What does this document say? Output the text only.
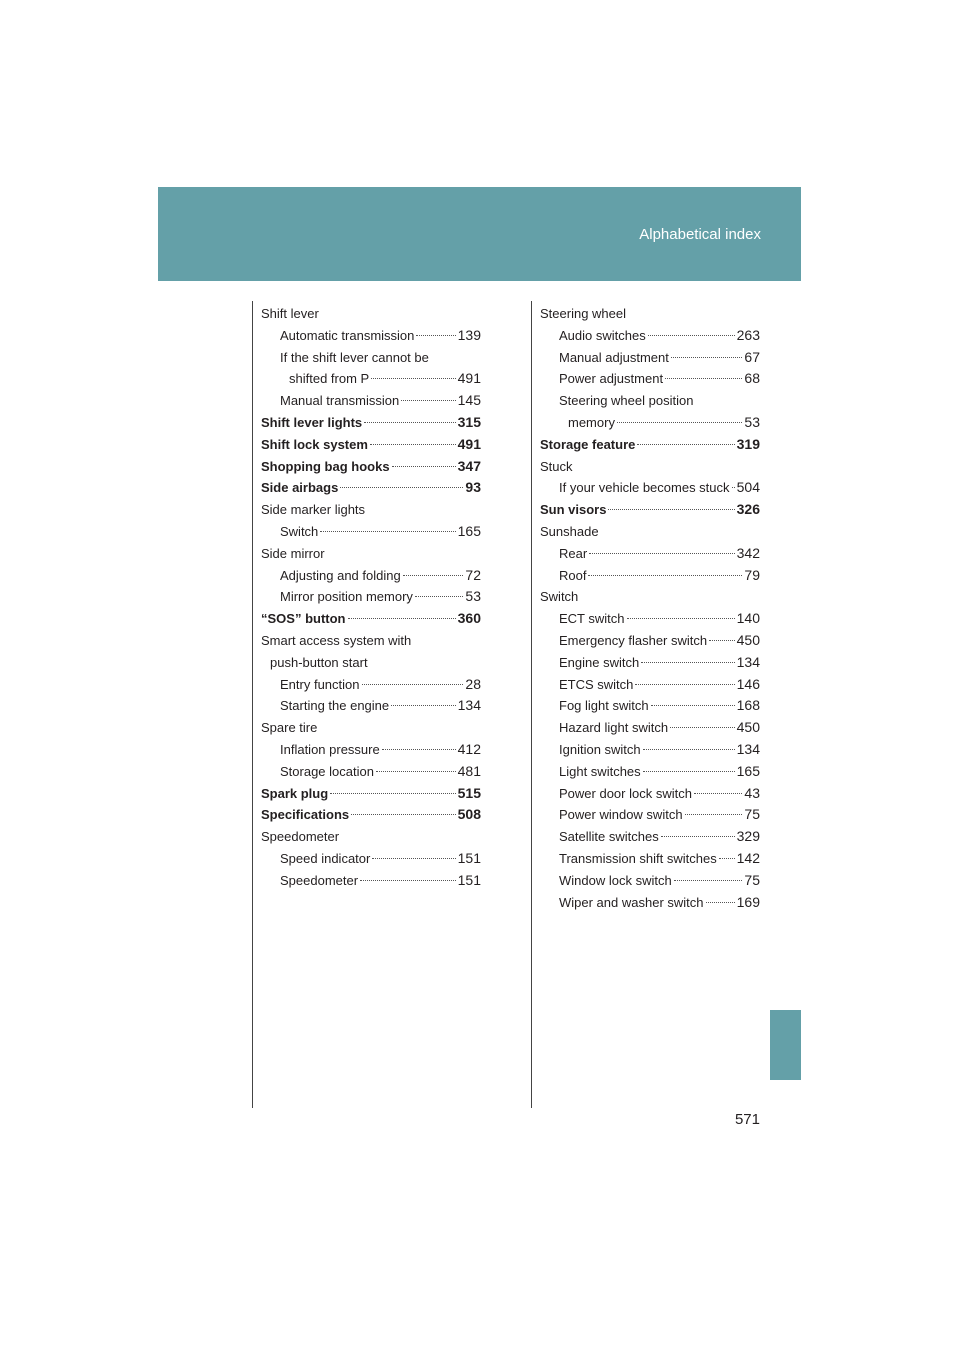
Alphabetical index
Shift lever
Automatic transmission	139
If the shift lever cannot be
shifted from P	491
Manual transmission	145
Shift lever lights	315
Shift lock system	491
Shopping bag hooks	347
Side airbags	93
Side marker lights
Switch	165
Side mirror
Adjusting and folding	72
Mirror position memory	53
“SOS” button	360
Smart access system with
push-button start
Entry function	28
Starting the engine	134
Spare tire
Inflation pressure	412
Storage location	481
Spark plug	515
Specifications	508
Speedometer
Speed indicator	151
Speedometer	151
Steering wheel
Audio switches	263
Manual adjustment	67
Power adjustment	68
Steering wheel position
memory	53
Storage feature	319
Stuck
If your vehicle becomes stuck 504
Sun visors	326
Sunshade
Rear	342
Roof	79
Switch
ECT switch	140
Emergency flasher switch 450
Engine switch	134
ETCS switch	146
Fog light switch	168
Hazard light switch	450
Ignition switch	134
Light switches	165
Power door lock switch	43
Power window switch	75
Satellite switches	329
Transmission shift switches 142
Window lock switch	75
Wiper and washer switch 169
571
